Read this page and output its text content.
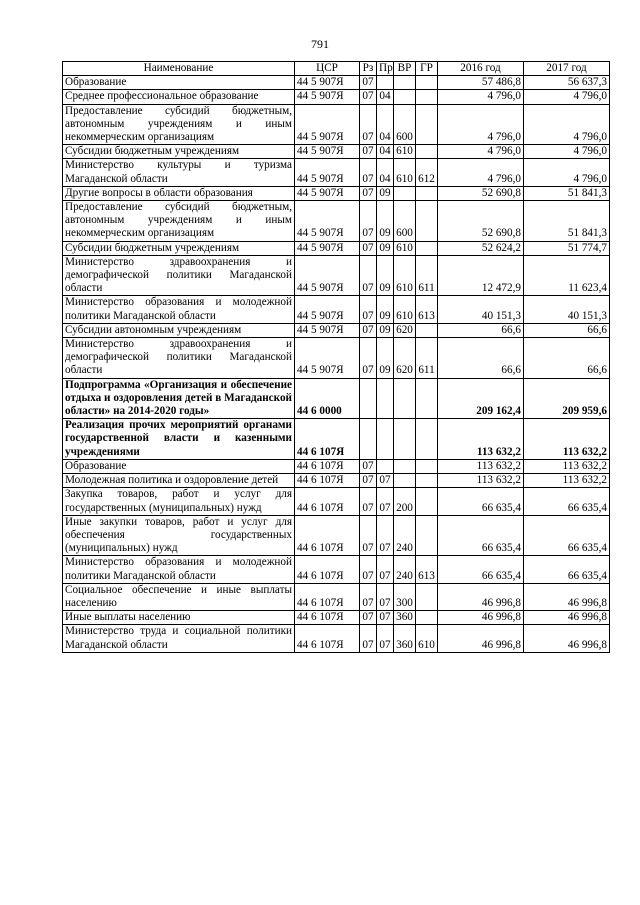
791
Наименование	ЦСР	Рз	Пр	ВР	ГР	2016 год	2017 год
Образование	44 5 907Я	07				57 486,8	56 637,3
Среднее профессиональное образование	44 5 907Я	07	04			4 796,0	4 796,0
Предоставление субсидий бюджетным, автономным учреждениям и иным некоммерческим организациям	44 5 907Я	07	04	600		4 796,0	4 796,0
Субсидии бюджетным учреждениям	44 5 907Я	07	04	610		4 796,0	4 796,0
Министерство культуры и туризма Магаданской области	44 5 907Я	07	04	610	612	4 796,0	4 796,0
Другие вопросы в области образования	44 5 907Я	07	09			52 690,8	51 841,3
Предоставление субсидий бюджетным, автономным учреждениям и иным некоммерческим организациям	44 5 907Я	07	09	600		52 690,8	51 841,3
Субсидии бюджетным учреждениям	44 5 907Я	07	09	610		52 624,2	51 774,7
Министерство здравоохранения и демографической политики Магаданской области	44 5 907Я	07	09	610	611	12 472,9	11 623,4
Министерство образования и молодежной политики Магаданской области	44 5 907Я	07	09	610	613	40 151,3	40 151,3
Субсидии автономным учреждениям	44 5 907Я	07	09	620		66,6	66,6
Министерство здравоохранения и демографической политики Магаданской области	44 5 907Я	07	09	620	611	66,6	66,6
Подпрограмма «Организация и обеспечение отдыха и оздоровления детей в Магаданской области» на 2014-2020 годы»	44 6 0000					209 162,4	209 959,6
Реализация прочих мероприятий органами государственной власти и казенными учреждениями	44 6 107Я					113 632,2	113 632,2
Образование	44 6 107Я	07				113 632,2	113 632,2
Молодежная политика и оздоровление детей	44 6 107Я	07	07			113 632,2	113 632,2
Закупка товаров, работ и услуг для государственных (муниципальных) нужд	44 6 107Я	07	07	200		66 635,4	66 635,4
Иные закупки товаров, работ и услуг для обеспечения государственных (муниципальных) нужд	44 6 107Я	07	07	240		66 635,4	66 635,4
Министерство образования и молодежной политики Магаданской области	44 6 107Я	07	07	240	613	66 635,4	66 635,4
Социальное обеспечение и иные выплаты населению	44 6 107Я	07	07	300		46 996,8	46 996,8
Иные выплаты населению	44 6 107Я	07	07	360		46 996,8	46 996,8
Министерство труда и социальной политики Магаданской области	44 6 107Я	07	07	360	610	46 996,8	46 996,8
